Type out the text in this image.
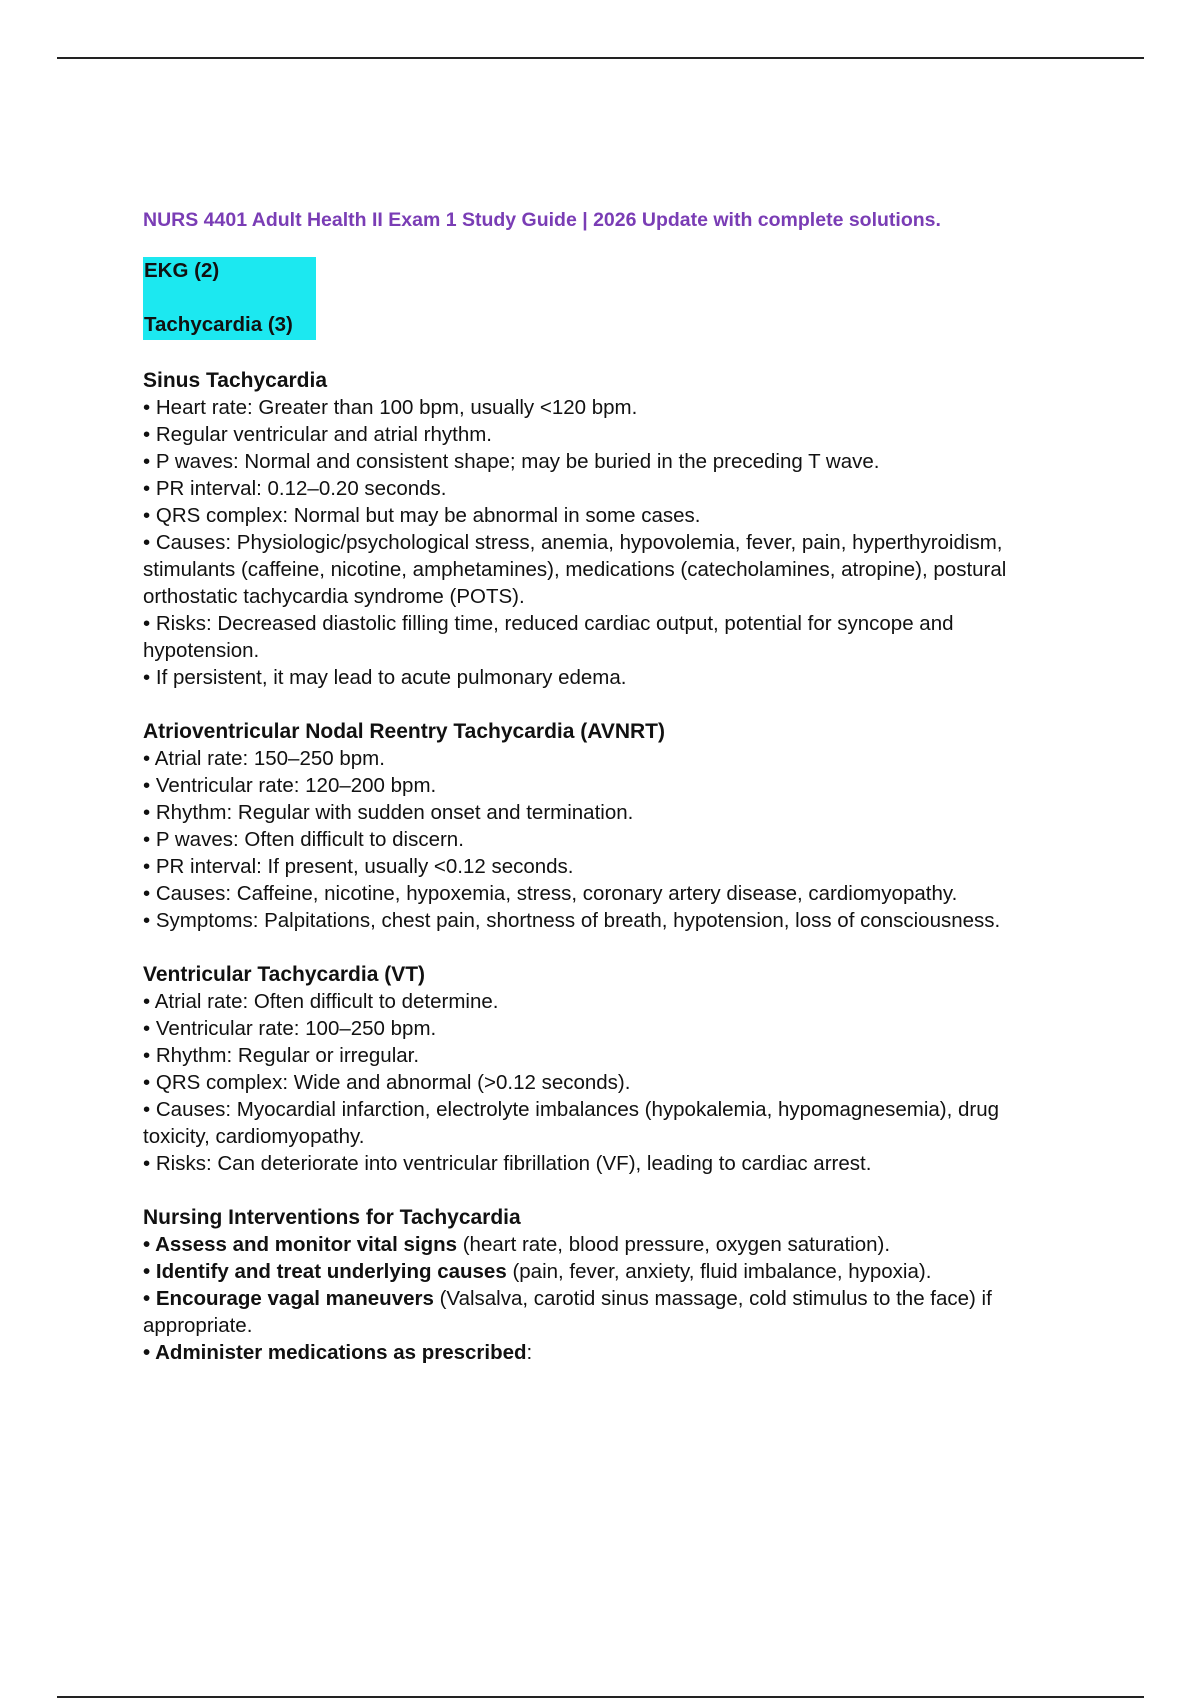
NURS 4401 Adult Health II Exam 1 Study Guide | 2026 Update with complete solutions.

EKG (2)

Tachycardia (3)

Sinus Tachycardia

• Heart rate: Greater than 100 bpm, usually <120 bpm.
• Regular ventricular and atrial rhythm.
• P waves: Normal and consistent shape; may be buried in the preceding T wave.
• PR interval: 0.12–0.20 seconds.
• QRS complex: Normal but may be abnormal in some cases.
• Causes: Physiologic/psychological stress, anemia, hypovolemia, fever, pain, hyperthyroidism, stimulants (caffeine, nicotine, amphetamines), medications (catecholamines, atropine), postural orthostatic tachycardia syndrome (POTS).
• Risks: Decreased diastolic filling time, reduced cardiac output, potential for syncope and hypotension.
• If persistent, it may lead to acute pulmonary edema.

Atrioventricular Nodal Reentry Tachycardia (AVNRT)

• Atrial rate: 150–250 bpm.
• Ventricular rate: 120–200 bpm.
• Rhythm: Regular with sudden onset and termination.
• P waves: Often difficult to discern.
• PR interval: If present, usually <0.12 seconds.
• Causes: Caffeine, nicotine, hypoxemia, stress, coronary artery disease, cardiomyopathy.
• Symptoms: Palpitations, chest pain, shortness of breath, hypotension, loss of consciousness.

Ventricular Tachycardia (VT)

• Atrial rate: Often difficult to determine.
• Ventricular rate: 100–250 bpm.
• Rhythm: Regular or irregular.
• QRS complex: Wide and abnormal (>0.12 seconds).
• Causes: Myocardial infarction, electrolyte imbalances (hypokalemia, hypomagnesemia), drug toxicity, cardiomyopathy.
• Risks: Can deteriorate into ventricular fibrillation (VF), leading to cardiac arrest.

Nursing Interventions for Tachycardia

• Assess and monitor vital signs (heart rate, blood pressure, oxygen saturation).
• Identify and treat underlying causes (pain, fever, anxiety, fluid imbalance, hypoxia).
• Encourage vagal maneuvers (Valsalva, carotid sinus massage, cold stimulus to the face) if appropriate.
• Administer medications as prescribed:
